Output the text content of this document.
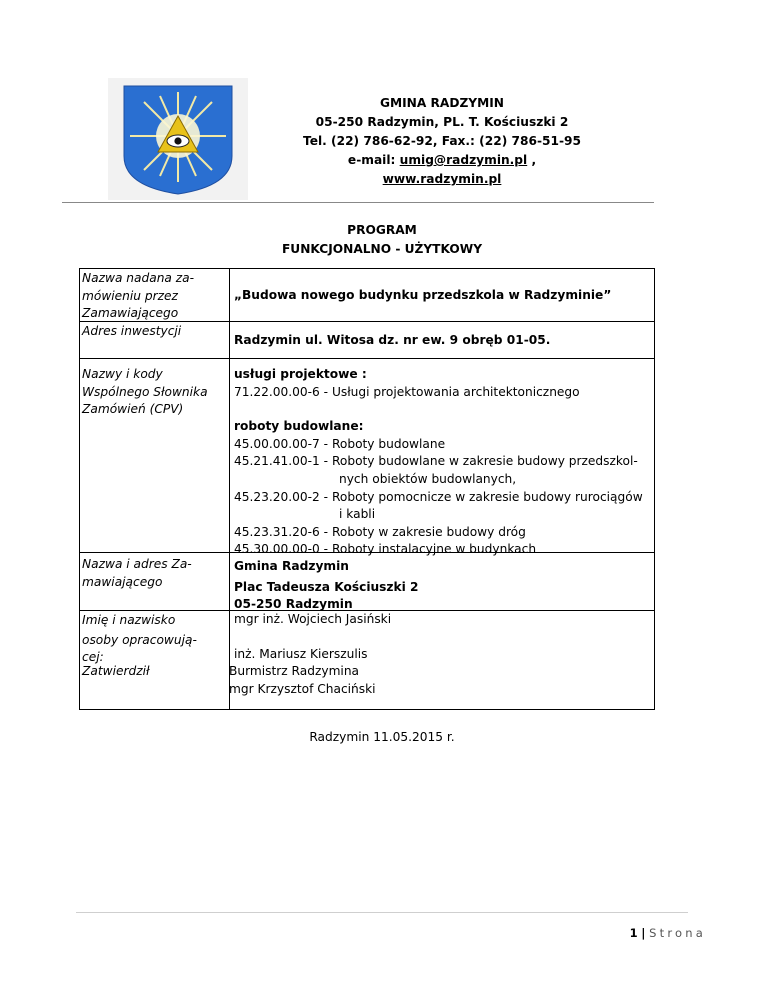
GMINA RADZYMIN
05-250 Radzymin, PL. T. Kościuszki 2
Tel. (22) 786-62-92, Fax.: (22) 786-51-95
e-mail: umig@radzymin.pl ,
www.radzymin.pl
PROGRAM
FUNKCJONALNO - UŻYTKOWY
Nazwa nadana za-
mówieniu przez
Zamawiającego
„Budowa nowego budynku przedszkola w Radzyminie”
Adres inwestycji
Radzymin ul. Witosa dz. nr ew. 9 obręb 01-05.
Nazwy i kody
Wspólnego Słownika
Zamówień (CPV)
usługi projektowe :
71.22.00.00-6 - Usługi projektowania architektonicznego
roboty budowlane:
45.00.00.00-7 - Roboty budowlane
45.21.41.00-1 - Roboty budowlane w zakresie budowy przedszkol-
nych obiektów budowlanych,
45.23.20.00-2 - Roboty pomocnicze w zakresie budowy rurociągów
i kabli
45.23.31.20-6 - Roboty w zakresie budowy dróg
45.30.00.00-0 - Roboty instalacyjne w budynkach
Nazwa i adres Za-
mawiającego
Gmina Radzymin
Plac Tadeusza Kościuszki 2
05-250 Radzymin
Imię i nazwisko
osoby opracowują-
cej:
mgr inż. Wojciech Jasiński
inż. Mariusz Kierszulis
Zatwierdził	Burmistrz Radzymina
mgr Krzysztof Chaciński
Radzymin 11.05.2015 r.
1 | Strona
